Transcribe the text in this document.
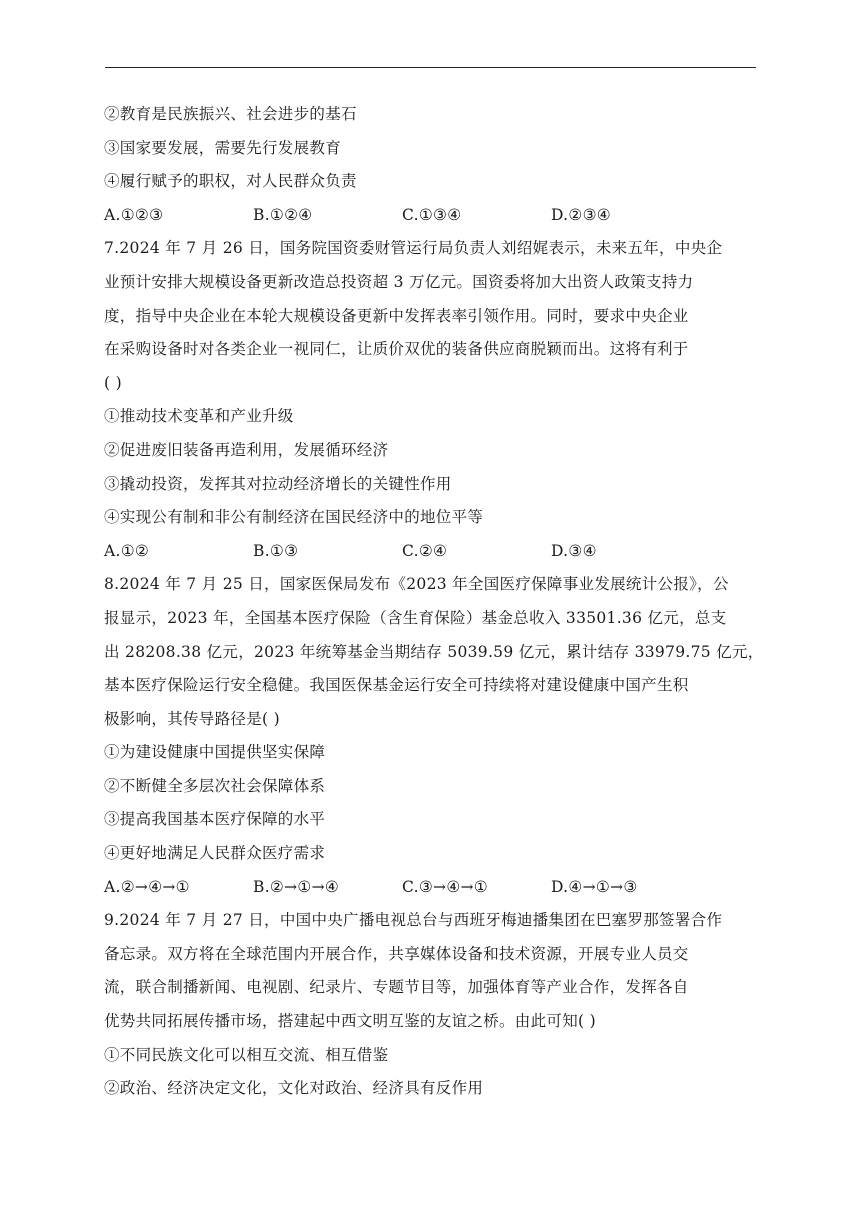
②教育是民族振兴、社会进步的基石
③国家要发展，需要先行发展教育
④履行赋予的职权，对人民群众负责
A.①②③	B.①②④	C.①③④	D.②③④
7.2024 年 7 月 26 日，国务院国资委财管运行局负责人刘绍娓表示，未来五年，中央企
业预计安排大规模设备更新改造总投资超 3 万亿元。国资委将加大出资人政策支持力
度，指导中央企业在本轮大规模设备更新中发挥表率引领作用。同时，要求中央企业
在采购设备时对各类企业一视同仁，让质价双优的装备供应商脱颖而出。这将有利于
( )
①推动技术变革和产业升级
②促进废旧装备再造利用，发展循环经济
③撬动投资，发挥其对拉动经济增长的关键性作用
④实现公有制和非公有制经济在国民经济中的地位平等
A.①②	B.①③	C.②④	D.③④
8.2024 年 7 月 25 日，国家医保局发布《2023 年全国医疗保障事业发展统计公报》，公
报显示，2023 年，全国基本医疗保险（含生育保险）基金总收入 33501.36 亿元，总支
出 28208.38 亿元，2023 年统筹基金当期结存 5039.59 亿元，累计结存 33979.75 亿元，
基本医疗保险运行安全稳健。我国医保基金运行安全可持续将对建设健康中国产生积
极影响，其传导路径是( )
①为建设健康中国提供坚实保障
②不断健全多层次社会保障体系
③提高我国基本医疗保障的水平
④更好地满足人民群众医疗需求
A.②→④→①	B.②→①→④	C.③→④→①	D.④→①→③
9.2024 年 7 月 27 日，中国中央广播电视总台与西班牙梅迪播集团在巴塞罗那签署合作
备忘录。双方将在全球范围内开展合作，共享媒体设备和技术资源，开展专业人员交
流，联合制播新闻、电视剧、纪录片、专题节目等，加强体育等产业合作，发挥各自
优势共同拓展传播市场，搭建起中西文明互鉴的友谊之桥。由此可知( )
①不同民族文化可以相互交流、相互借鉴
②政治、经济决定文化，文化对政治、经济具有反作用
